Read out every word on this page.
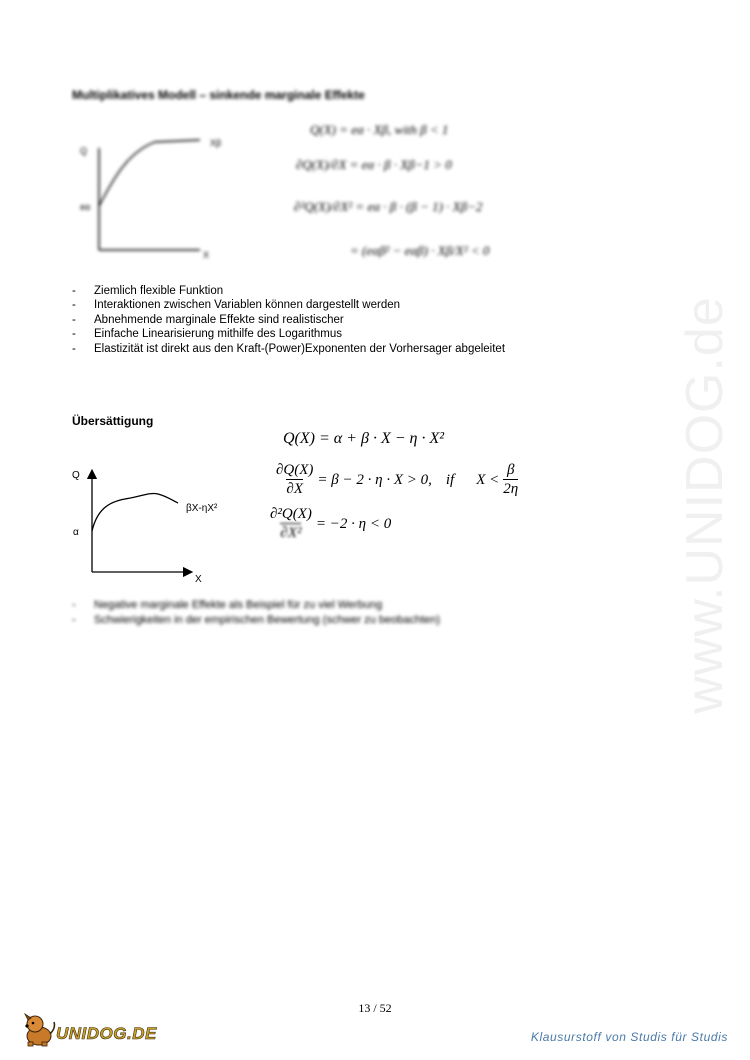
www.UNIDOG.de
Multiplikatives Modell – sinkende marginale Effekte
Q
X
Xβ
eα
Q(X) = eα · Xβ, with β < 1
∂Q(X)/∂X = eα · β · Xβ−1 > 0
∂²Q(X)/∂X² = eα · β · (β − 1) · Xβ−2
= (eαβ² − eαβ) · Xβ/X² < 0
- Ziemlich flexible Funktion
- Interaktionen zwischen Variablen können dargestellt werden
- Abnehmende marginale Effekte sind realistischer
- Einfache Linearisierung mithilfe des Logarithmus
- Elastizität ist direkt aus den Kraft-(Power)Exponenten der Vorhersager abgeleitet
Übersättigung
Q
X
βX-ηX²
α
Q(X) = α + β · X − η · X²
$\frac{\partial Q(X)}{\partial X} = \beta - 2 \cdot \eta \cdot X > 0$, if X <
β
2η
$\frac{\text{∂²Q(X)}}{\text{∂X²}} = -2 \cdot \eta < 0$
- Negative marginale Effekte als Beispiel für zu viel Werbung
- Schwierigkeiten in der empirischen Bewertung (schwer zu beobachten)
13 / 52
UNIDOG.DE	Klausurstoff von Studis für Studis
